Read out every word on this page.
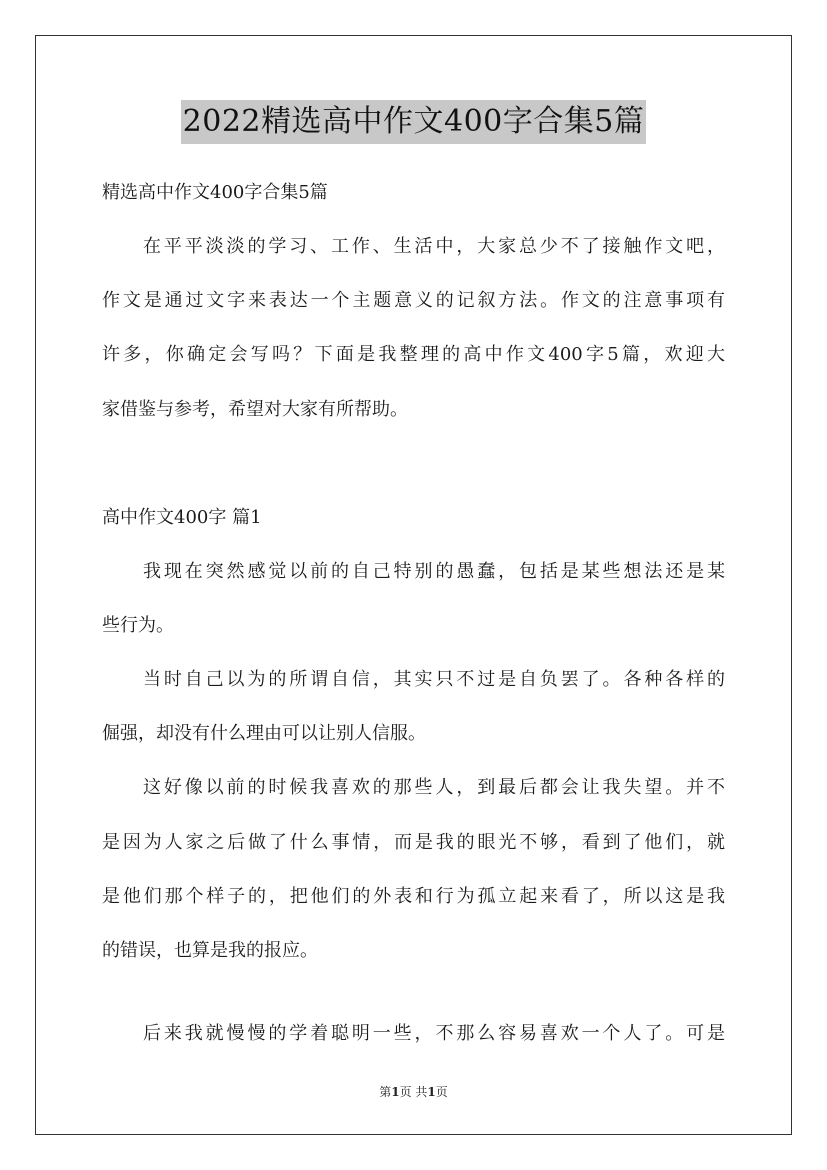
2022精选高中作文400字合集5篇
精选高中作文400字合集5篇
在平平淡淡的学习、工作、生活中，大家总少不了接触作文吧，
作文是通过文字来表达一个主题意义的记叙方法。作文的注意事项有
许多，你确定会写吗？下面是我整理的高中作文400字5篇，欢迎大
家借鉴与参考，希望对大家有所帮助。
高中作文400字 篇1
我现在突然感觉以前的自己特别的愚蠢，包括是某些想法还是某
些行为。
当时自己以为的所谓自信，其实只不过是自负罢了。各种各样的
倔强，却没有什么理由可以让别人信服。
这好像以前的时候我喜欢的那些人，到最后都会让我失望。并不
是因为人家之后做了什么事情，而是我的眼光不够，看到了他们，就
是他们那个样子的，把他们的外表和行为孤立起来看了，所以这是我
的错误，也算是我的报应。
后来我就慢慢的学着聪明一些，不那么容易喜欢一个人了。可是
第1页 共1页
